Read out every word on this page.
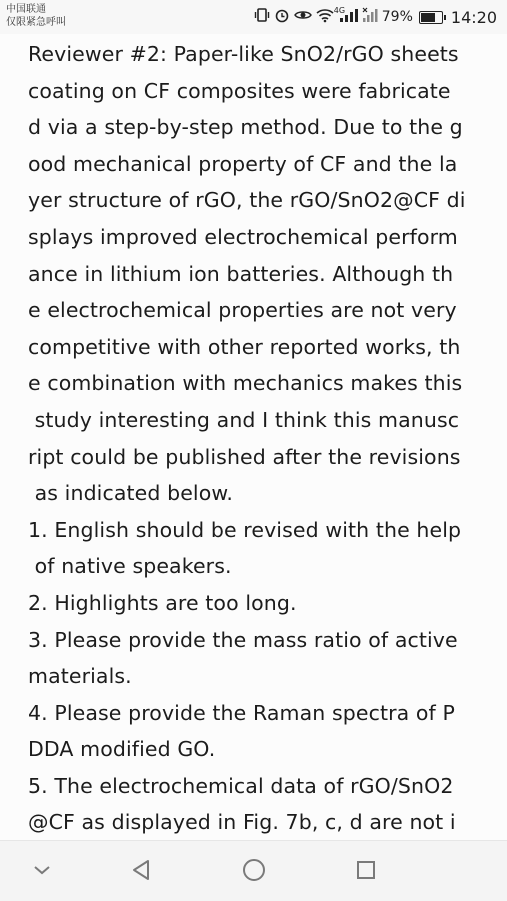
中国联通
仅限紧急呼叫
4G	79% 14:20
Reviewer #2: Paper-like SnO2/rGO sheets
coating on CF composites were fabricate
d via a step-by-step method. Due to the g
ood mechanical property of CF and the la
yer structure of rGO, the rGO/SnO2@CF di
splays improved electrochemical perform
ance in lithium ion batteries. Although th
e electrochemical properties are not very
competitive with other reported works, th
e combination with mechanics makes this
study interesting and I think this manusc
ript could be published after the revisions
as indicated below.
1. English should be revised with the help
of native speakers.
2. Highlights are too long.
3. Please provide the mass ratio of active
materials.
4. Please provide the Raman spectra of P
DDA modified GO.
5. The electrochemical data of rGO/SnO2
@CF as displayed in Fig. 7b, c, d are not i
